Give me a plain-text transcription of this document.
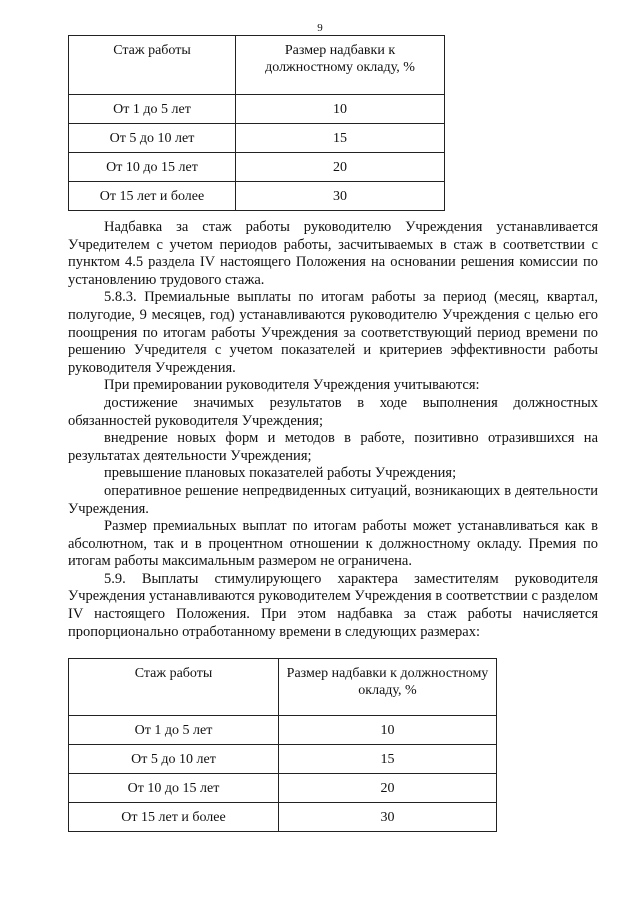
9
Стаж работы	Размер надбавки к должностному окладу, %
От 1 до 5 лет	10
От 5 до 10 лет	15
От 10 до 15 лет	20
От 15 лет и более	30

Надбавка за стаж работы руководителю Учреждения устанавливается Учредителем с учетом периодов работы, засчитываемых в стаж в соответствии с пунктом 4.5 раздела IV настоящего Положения на основании решения комиссии по установлению трудового стажа.

5.8.3. Премиальные выплаты по итогам работы за период (месяц, квартал, полугодие, 9 месяцев, год) устанавливаются руководителю Учреждения с целью его поощрения по итогам работы Учреждения за соответствующий период времени по решению Учредителя с учетом показателей и критериев эффективности работы руководителя Учреждения.

При премировании руководителя Учреждения учитываются:

достижение значимых результатов в ходе выполнения должностных обязанностей руководителя Учреждения;

внедрение новых форм и методов в работе, позитивно отразившихся на результатах деятельности Учреждения;

превышение плановых показателей работы Учреждения;

оперативное решение непредвиденных ситуаций, возникающих в деятельности Учреждения.

Размер премиальных выплат по итогам работы может устанавливаться как в абсолютном, так и в процентном отношении к должностному окладу. Премия по итогам работы максимальным размером не ограничена.

5.9. Выплаты стимулирующего характера заместителям руководителя Учреждения устанавливаются руководителем Учреждения в соответствии с разделом IV настоящего Положения. При этом надбавка за стаж работы начисляется пропорционально отработанному времени в следующих размерах:

Стаж работы	Размер надбавки к должностному окладу, %
От 1 до 5 лет	10
От 5 до 10 лет	15
От 10 до 15 лет	20
От 15 лет и более	30
